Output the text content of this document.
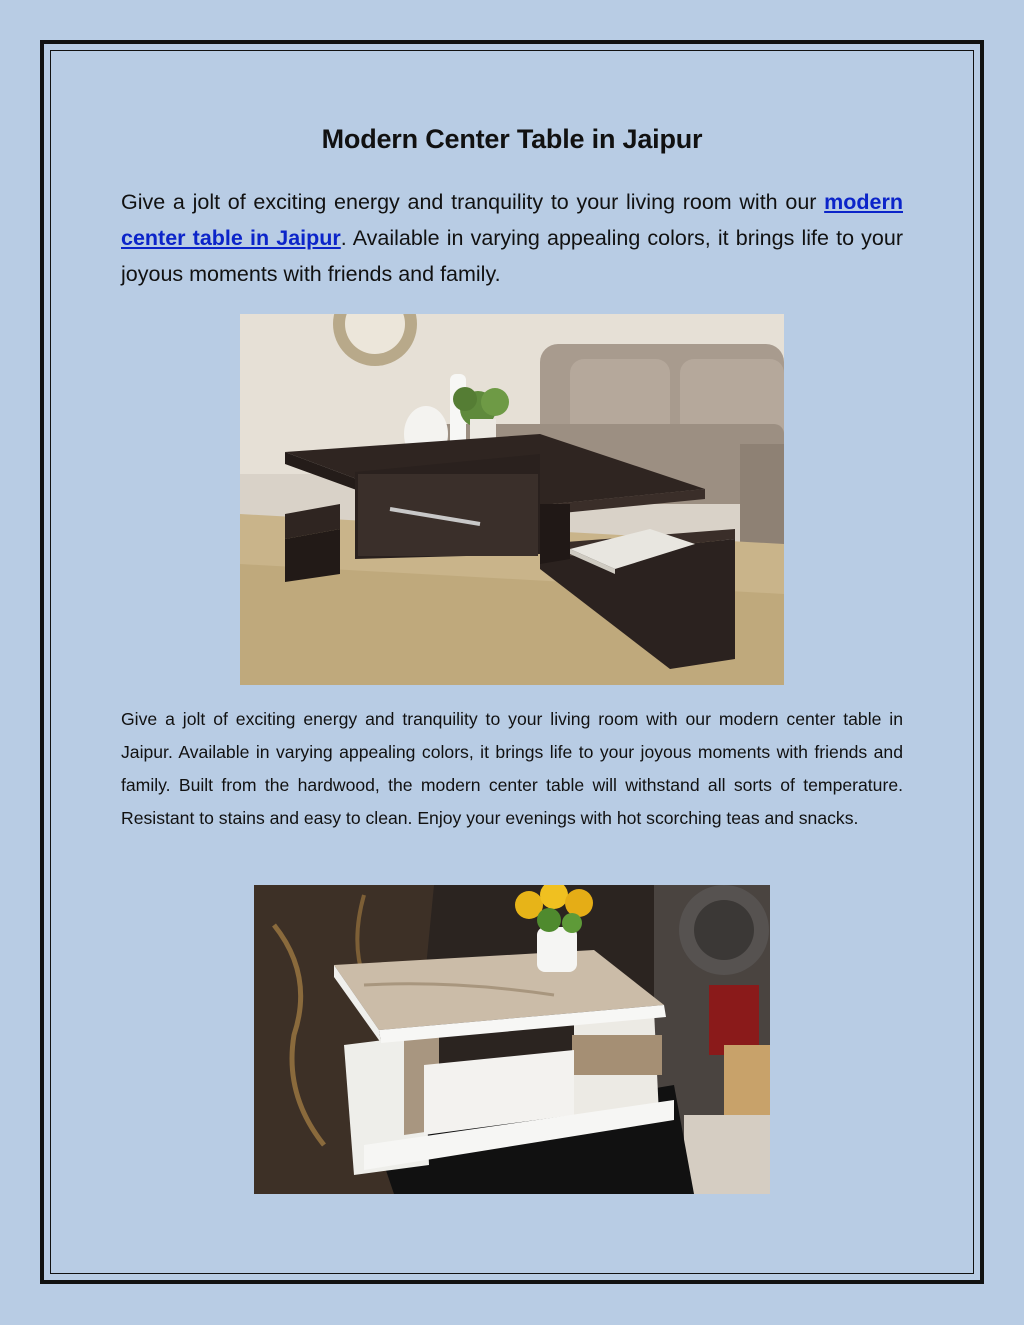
Modern Center Table in Jaipur

Give a jolt of exciting energy and tranquility to your living room with our modern center table in Jaipur. Available in varying appealing colors, it brings life to your joyous moments with friends and family.

Give a jolt of exciting energy and tranquility to your living room with our modern center table in Jaipur. Available in varying appealing colors, it brings life to your joyous moments with friends and family. Built from the hardwood, the modern center table will withstand all sorts of temperature. Resistant to stains and easy to clean. Enjoy your evenings with hot scorching teas and snacks.
